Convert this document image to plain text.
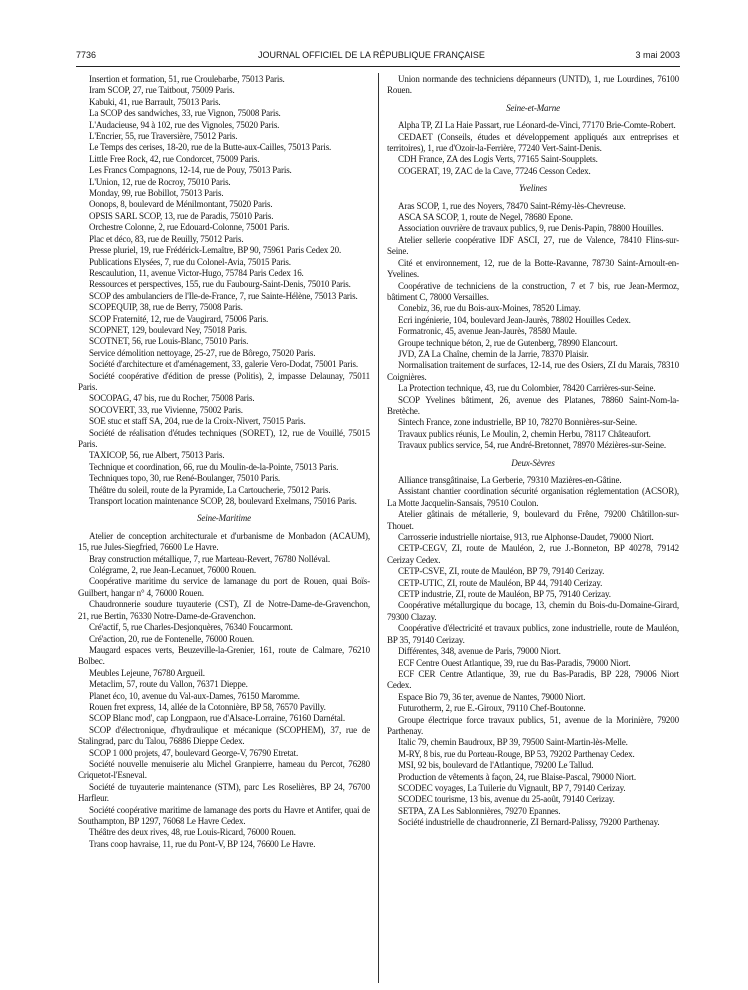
7736	JOURNAL OFFICIEL DE LA RÉPUBLIQUE FRANÇAISE	3 mai 2003

Insertion et formation, 51, rue Croulebarbe, 75013 Paris.

Iram SCOP, 27, rue Taitbout, 75009 Paris.

Kabuki, 41, rue Barrault, 75013 Paris.

La SCOP des sandwiches, 33, rue Vignon, 75008 Paris.

L'Audacieuse, 94 à 102, rue des Vignoles, 75020 Paris.

L'Encrier, 55, rue Traversière, 75012 Paris.

Le Temps des cerises, 18-20, rue de la Butte-aux-Cailles, 75013 Paris.

Little Free Rock, 42, rue Condorcet, 75009 Paris.

Les Francs Compagnons, 12-14, rue de Pouy, 75013 Paris.

L'Union, 12, rue de Rocroy, 75010 Paris.

Monday, 99, rue Bobillot, 75013 Paris.

Oonops, 8, boulevard de Ménilmontant, 75020 Paris.

OPSIS SARL SCOP, 13, rue de Paradis, 75010 Paris.

Orchestre Colonne, 2, rue Edouard-Colonne, 75001 Paris.

Plac et déco, 83, rue de Reuilly, 75012 Paris.

Presse pluriel, 19, rue Frédérick-Lemaître, BP 90, 75961 Paris Cedex 20.

Publications Elysées, 7, rue du Colonel-Avia, 75015 Paris.

Rescaulution, 11, avenue Victor-Hugo, 75784 Paris Cedex 16.

Ressources et perspectives, 155, rue du Faubourg-Saint-Denis, 75010 Paris.

SCOP des ambulanciers de l'Ile-de-France, 7, rue Sainte-Hélène, 75013 Paris.

SCOPEQUIP, 38, rue de Berry, 75008 Paris.

SCOP Fraternité, 12, rue de Vaugirard, 75006 Paris.

SCOPNET, 129, boulevard Ney, 75018 Paris.

SCOTNET, 56, rue Louis-Blanc, 75010 Paris.

Service démolition nettoyage, 25-27, rue de Bôrego, 75020 Paris.

Société d'architecture et d'aménagement, 33, galerie Vero-Dodat, 75001 Paris.

Société coopérative d'édition de presse (Politis), 2, impasse Delaunay, 75011 Paris.

SOCOPAG, 47 bis, rue du Rocher, 75008 Paris.

SOCOVERT, 33, rue Vivienne, 75002 Paris.

SOE stuc et staff SA, 204, rue de la Croix-Nivert, 75015 Paris.

Société de réalisation d'études techniques (SORET), 12, rue de Vouillé, 75015 Paris.

TAXICOP, 56, rue Albert, 75013 Paris.

Technique et coordination, 66, rue du Moulin-de-la-Pointe, 75013 Paris.

Techniques topo, 30, rue René-Boulanger, 75010 Paris.

Théâtre du soleil, route de la Pyramide, La Cartoucherie, 75012 Paris.

Transport location maintenance SCOP, 28, boulevard Exelmans, 75016 Paris.

Seine-Maritime

Atelier de conception architecturale et d'urbanisme de Monbadon (ACAUM), 15, rue Jules-Siegfried, 76600 Le Havre.

Bray construction métallique, 7, rue Marteau-Revert, 76780 Nolléval.

Colégrame, 2, rue Jean-Lecanuet, 76000 Rouen.

Coopérative maritime du service de lamanage du port de Rouen, quai Boïs-Guilbert, hangar n° 4, 76000 Rouen.

Chaudronnerie soudure tuyauterie (CST), ZI de Notre-Dame-de-Gravenchon, 21, rue Bertin, 76330 Notre-Dame-de-Gravenchon.

Cré'actif, 5, rue Charles-Desjonquères, 76340 Foucarmont.

Cré'action, 20, rue de Fontenelle, 76000 Rouen.

Maugard espaces verts, Beuzeville-la-Grenier, 161, route de Calmare, 76210 Bolbec.

Meubles Lejeune, 76780 Argueil.

Metaclim, 57, route du Vallon, 76371 Dieppe.

Planet éco, 10, avenue du Val-aux-Dames, 76150 Maromme.

Rouen fret express, 14, allée de la Cotonnière, BP 58, 76570 Pavilly.

SCOP Blanc mod', cap Longpaon, rue d'Alsace-Lorraine, 76160 Darnétal.

SCOP d'électronique, d'hydraulique et mécanique (SCOPHEM), 37, rue de Stalingrad, parc du Talou, 76886 Dieppe Cedex.

SCOP 1 000 projets, 47, boulevard George-V, 76790 Etretat.

Société nouvelle menuiserie alu Michel Granpierre, hameau du Percot, 76280 Criquetot-l'Esneval.

Société de tuyauterie maintenance (STM), parc Les Roselières, BP 24, 76700 Harfleur.

Société coopérative maritime de lamanage des ports du Havre et Antifer, quai de Southampton, BP 1297, 76068 Le Havre Cedex.

Théâtre des deux rives, 48, rue Louis-Ricard, 76000 Rouen.

Trans coop havraise, 11, rue du Pont-V, BP 124, 76600 Le Havre.

Union normande des techniciens dépanneurs (UNTD), 1, rue Lourdines, 76100 Rouen.

Seine-et-Marne

Alpha TP, ZI La Haie Passart, rue Léonard-de-Vinci, 77170 Brie-Comte-Robert.

CEDAET (Conseils, études et développement appliqués aux entreprises et territoires), 1, rue d'Ozoir-la-Ferrière, 77240 Vert-Saint-Denis.

CDH France, ZA des Logis Verts, 77165 Saint-Soupplets.

COGERAT, 19, ZAC de la Cave, 77246 Cesson Cedex.

Yvelines

Aras SCOP, 1, rue des Noyers, 78470 Saint-Rémy-lès-Chevreuse.

ASCA SA SCOP, 1, route de Negel, 78680 Epone.

Association ouvrière de travaux publics, 9, rue Denis-Papin, 78800 Houilles.

Atelier sellerie coopérative IDF ASCI, 27, rue de Valence, 78410 Flins-sur-Seine.

Cité et environnement, 12, rue de la Botte-Ravanne, 78730 Saint-Arnoult-en-Yvelines.

Coopérative de techniciens de la construction, 7 et 7 bis, rue Jean-Mermoz, bâtiment C, 78000 Versailles.

Conebiz, 36, rue du Bois-aux-Moines, 78520 Limay.

Ecri ingénierie, 104, boulevard Jean-Jaurès, 78802 Houilles Cedex.

Formatronic, 45, avenue Jean-Jaurès, 78580 Maule.

Groupe technique béton, 2, rue de Gutenberg, 78990 Elancourt.

JVD, ZA La Chaîne, chemin de la Jarrie, 78370 Plaisir.

Normalisation traitement de surfaces, 12-14, rue des Osiers, ZI du Marais, 78310 Coignières.

La Protection technique, 43, rue du Colombier, 78420 Carrières-sur-Seine.

SCOP Yvelines bâtiment, 26, avenue des Platanes, 78860 Saint-Nom-la-Bretèche.

Sintech France, zone industrielle, BP 10, 78270 Bonnières-sur-Seine.

Travaux publics réunis, Le Moulin, 2, chemin Herbu, 78117 Châteaufort.

Travaux publics service, 54, rue André-Bretonnet, 78970 Mézières-sur-Seine.

Deux-Sèvres

Alliance transgâtinaise, La Gerberie, 79310 Mazières-en-Gâtine.

Assistant chantier coordination sécurité organisation réglementation (ACSOR), La Motte Jacquelin-Sansais, 79510 Coulon.

Atelier gâtinais de métallerie, 9, boulevard du Frêne, 79200 Châtillon-sur-Thouet.

Carrosserie industrielle niortaise, 913, rue Alphonse-Daudet, 79000 Niort.

CETP-CEGV, ZI, route de Mauléon, 2, rue J.-Bonneton, BP 40278, 79142 Cerizay Cedex.

CETP-CSVE, ZI, route de Mauléon, BP 79, 79140 Cerizay.

CETP-UTIC, ZI, route de Mauléon, BP 44, 79140 Cerizay.

CETP industrie, ZI, route de Mauléon, BP 75, 79140 Cerizay.

Coopérative métallurgique du bocage, 13, chemin du Bois-du-Domaine-Girard, 79300 Clazay.

Coopérative d'électricité et travaux publics, zone industrielle, route de Mauléon, BP 35, 79140 Cerizay.

Différentes, 348, avenue de Paris, 79000 Niort.

ECF Centre Ouest Atlantique, 39, rue du Bas-Paradis, 79000 Niort.

ECF CER Centre Atlantique, 39, rue du Bas-Paradis, BP 228, 79006 Niort Cedex.

Espace Bio 79, 36 ter, avenue de Nantes, 79000 Niort.

Futurotherm, 2, rue E.-Giroux, 79110 Chef-Boutonne.

Groupe électrique force travaux publics, 51, avenue de la Morinière, 79200 Parthenay.

Italic 79, chemin Baudroux, BP 39, 79500 Saint-Martin-lès-Melle.

M-RY, 8 bis, rue du Porteau-Rouge, BP 53, 79202 Parthenay Cedex.

MSI, 92 bis, boulevard de l'Atlantique, 79200 Le Tallud.

Production de vêtements à façon, 24, rue Blaise-Pascal, 79000 Niort.

SCODEC voyages, La Tuilerie du Vignault, BP 7, 79140 Cerizay.

SCODEC tourisme, 13 bis, avenue du 25-août, 79140 Cerizay.

SETPA, ZA Les Sablonnières, 79270 Epannes.

Société industrielle de chaudronnerie, ZI Bernard-Palissy, 79200 Parthenay.
